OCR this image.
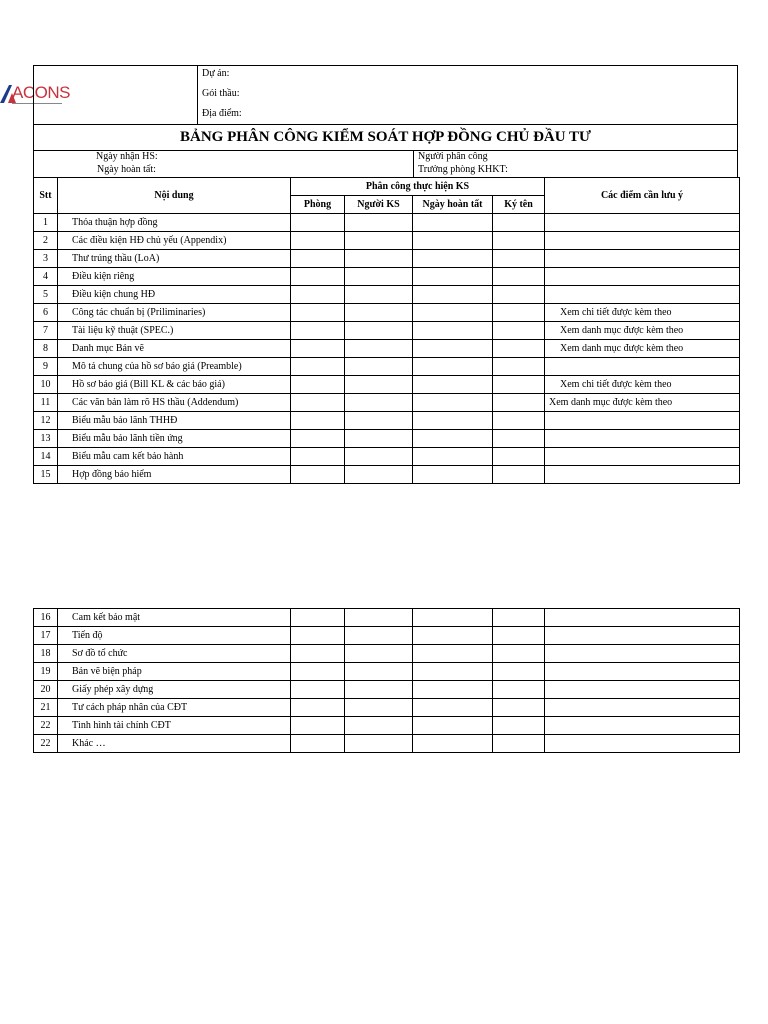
ACONS
Dự án:
Gói thầu:
Địa điểm:
BẢNG PHÂN CÔNG KIỂM SOÁT HỢP ĐỒNG CHỦ ĐẦU TƯ
Ngày nhận HS:
Ngày hoàn tất:
Người phân công
Trưởng phòng KHKT:
Stt	Nội dung	Phân công thực hiện KS				Các điểm cần lưu ý
		Phòng	Người KS	Ngày hoàn tất	Ký tên	
1	Thỏa thuận hợp đồng					
2	Các điều kiện HĐ chủ yếu (Appendix)					
3	Thư trúng thầu (LoA)					
4	Điều kiện riêng					
5	Điều kiện chung HĐ					
6	Công tác chuẩn bị (Priliminaries)					Xem chi tiết được kèm theo
7	Tài liệu kỹ thuật (SPEC.)					Xem danh mục được kèm theo
8	Danh mục Bản vẽ					Xem danh mục được kèm theo
9	Mô tả chung của hồ sơ báo giá (Preamble)					
10	Hồ sơ báo giá (Bill KL & các báo giá)					Xem chi tiết được kèm theo
11	Các văn bản làm rõ HS thầu (Addendum)					Xem danh mục được kèm theo
12	Biểu mẫu bảo lãnh THHĐ					
13	Biểu mẫu bảo lãnh tiền ứng					
14	Biểu mẫu cam kết bảo hành					
15	Hợp đồng bảo hiểm					
16	Cam kết bảo mật					
17	Tiến độ					
18	Sơ đồ tổ chức					
19	Bản vẽ biện pháp					
20	Giấy phép xây dựng					
21	Tư cách pháp nhân của CĐT					
22	Tình hình tài chính CĐT					
22	Khác …					
